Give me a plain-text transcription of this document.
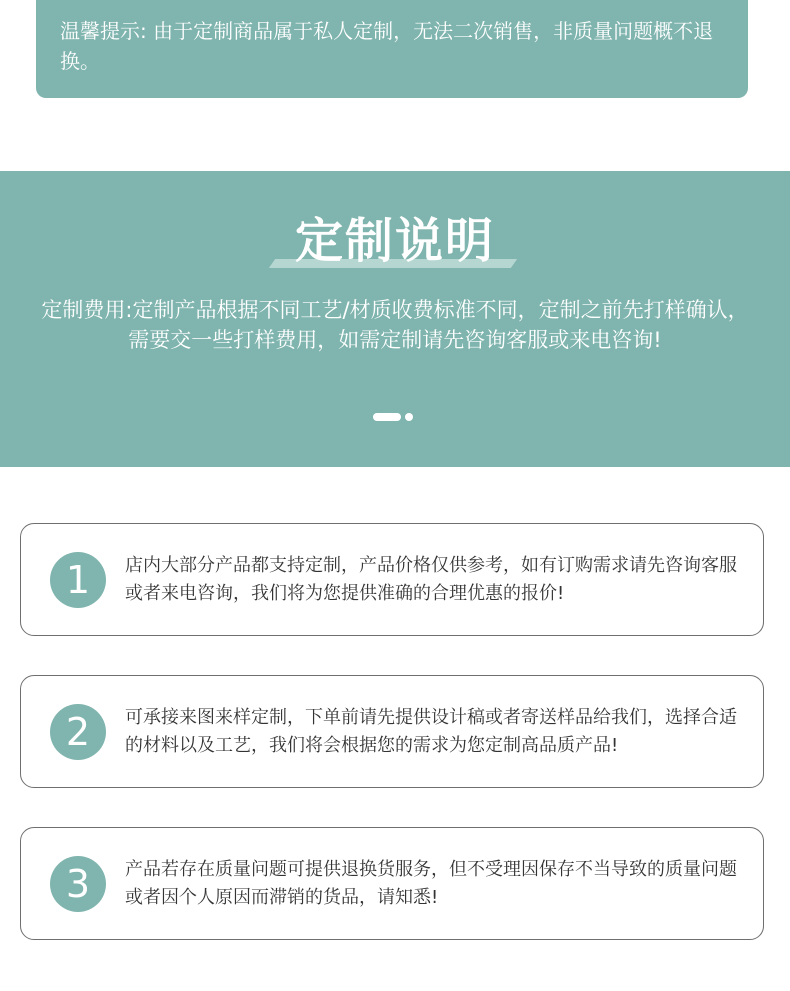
温馨提示: 由于定制商品属于私人定制，无法二次销售，非质量问题概不退换。
定制说明
定制费用:定制产品根据不同工艺/材质收费标准不同，定制之前先打样确认，需要交一些打样费用，如需定制请先咨询客服或来电咨询!
1	店内大部分产品都支持定制，产品价格仅供参考，如有订购需求请先咨询客服或者来电咨询，我们将为您提供准确的合理优惠的报价!
2	可承接来图来样定制，下单前请先提供设计稿或者寄送样品给我们，选择合适的材料以及工艺，我们将会根据您的需求为您定制高品质产品!
3	产品若存在质量问题可提供退换货服务，但不受理因保存不当导致的质量问题或者因个人原因而滞销的货品，请知悉!
